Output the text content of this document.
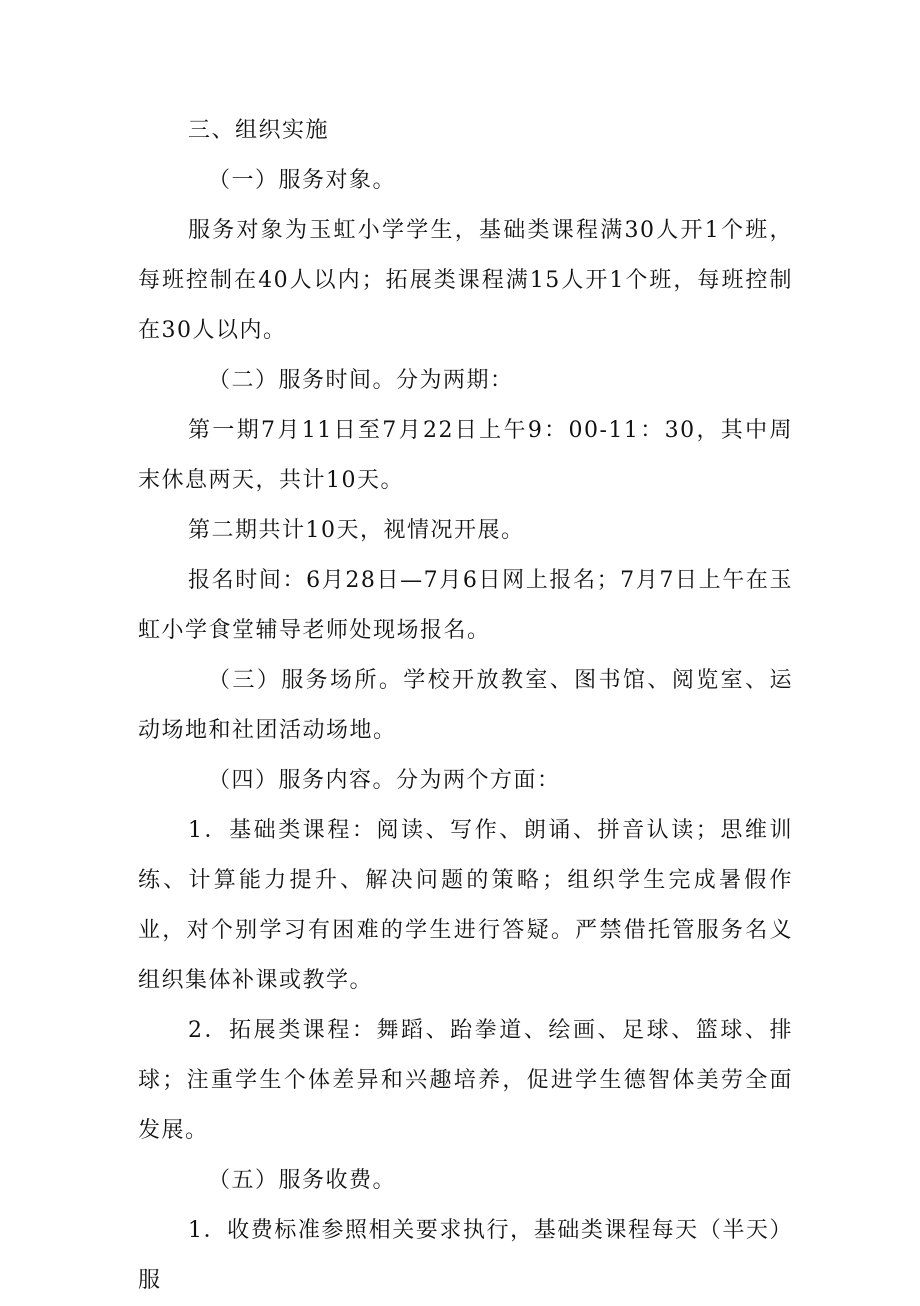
三、组织实施

（一）服务对象。

服务对象为玉虹小学学生，基础类课程满30人开1个班，每班控制在40人以内；拓展类课程满15人开1个班，每班控制在30人以内。

（二）服务时间。分为两期：

第一期7月11日至7月22日上午9：00-11：30，其中周末休息两天，共计10天。

第二期共计10天，视情况开展。

报名时间：6月28日—7月6日网上报名；7月7日上午在玉虹小学食堂辅导老师处现场报名。

（三）服务场所。学校开放教室、图书馆、阅览室、运动场地和社团活动场地。

（四）服务内容。分为两个方面：

1．基础类课程：阅读、写作、朗诵、拼音认读；思维训练、计算能力提升、解决问题的策略；组织学生完成暑假作业，对个别学习有困难的学生进行答疑。严禁借托管服务名义组织集体补课或教学。

2．拓展类课程：舞蹈、跆拳道、绘画、足球、篮球、排球；注重学生个体差异和兴趣培养，促进学生德智体美劳全面发展。

（五）服务收费。

1．收费标准参照相关要求执行，基础类课程每天（半天）服
